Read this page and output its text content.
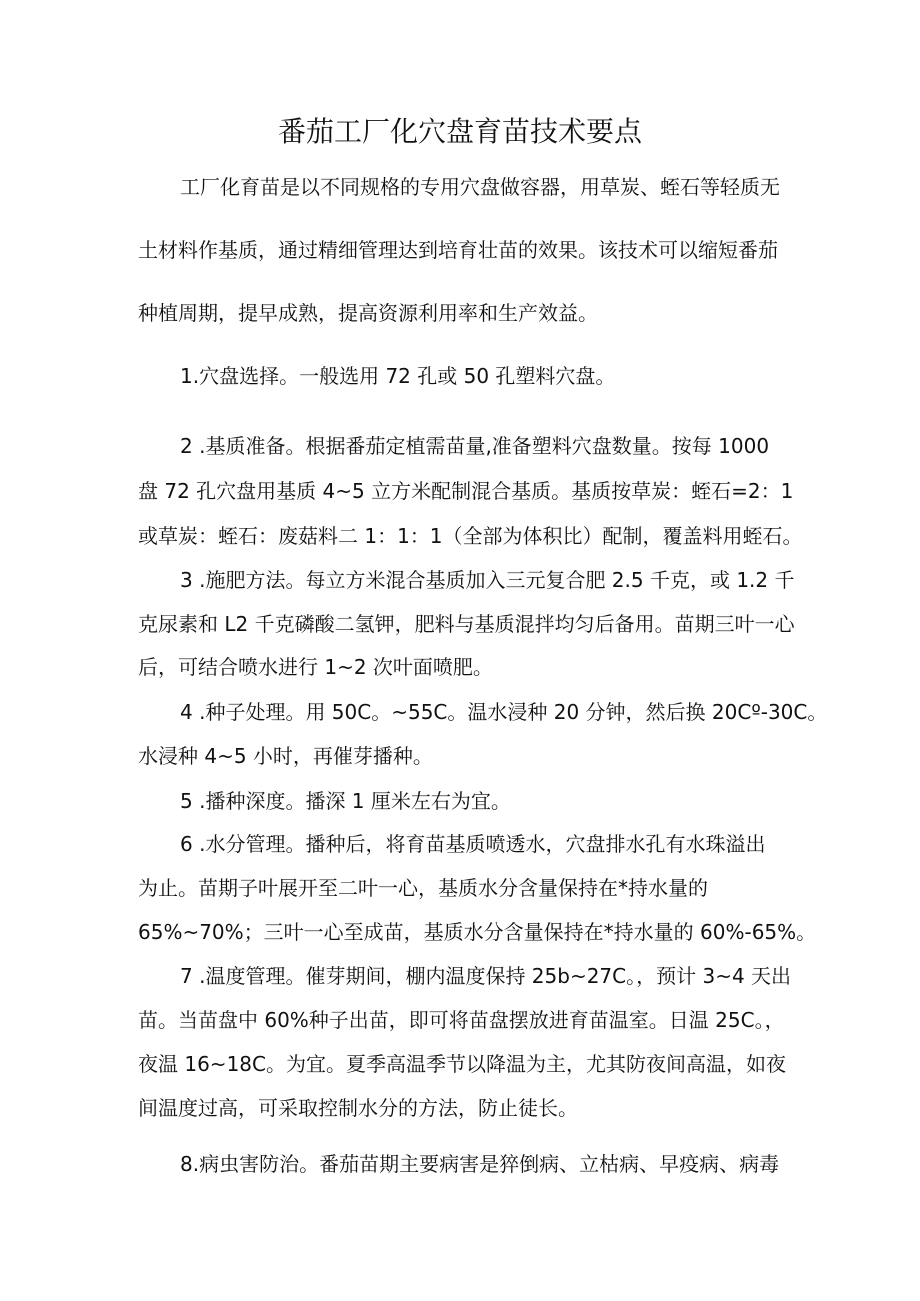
番茄工厂化穴盘育苗技术要点

工厂化育苗是以不同规格的专用穴盘做容器，用草炭、蛭石等轻质无

土材料作基质，通过精细管理达到培育壮苗的效果。该技术可以缩短番茄

种植周期，提早成熟，提高资源利用率和生产效益。

1.穴盘选择。一般选用 72 孔或 50 孔塑料穴盘。

2 .基质准备。根据番茄定植需苗量,准备塑料穴盘数量。按每 1000

盘 72 孔穴盘用基质 4~5 立方米配制混合基质。基质按草炭：蛭石=2：1

或草炭：蛭石：废菇料二 1：1：1（全部为体积比）配制，覆盖料用蛭石。

3 .施肥方法。每立方米混合基质加入三元复合肥 2.5 千克，或 1.2 千

克尿素和 L2 千克磷酸二氢钾，肥料与基质混拌均匀后备用。苗期三叶一心

后，可结合喷水进行 1~2 次叶面喷肥。

4 .种子处理。用 50C。~55C。温水浸种 20 分钟，然后换 20Cº-30C。

水浸种 4~5 小时，再催芽播种。

5 .播种深度。播深 1 厘米左右为宜。

6 .水分管理。播种后，将育苗基质喷透水，穴盘排水孔有水珠溢出

为止。苗期子叶展开至二叶一心，基质水分含量保持在*持水量的

65%~70%；三叶一心至成苗，基质水分含量保持在*持水量的 60%-65%。

7 .温度管理。催芽期间，棚内温度保持 25b~27C。，预计 3~4 天出

苗。当苗盘中 60%种子出苗，即可将苗盘摆放进育苗温室。日温 25C。，

夜温 16~18C。为宜。夏季高温季节以降温为主，尤其防夜间高温，如夜

间温度过高，可采取控制水分的方法，防止徒长。

8.病虫害防治。番茄苗期主要病害是猝倒病、立枯病、早疫病、病毒
